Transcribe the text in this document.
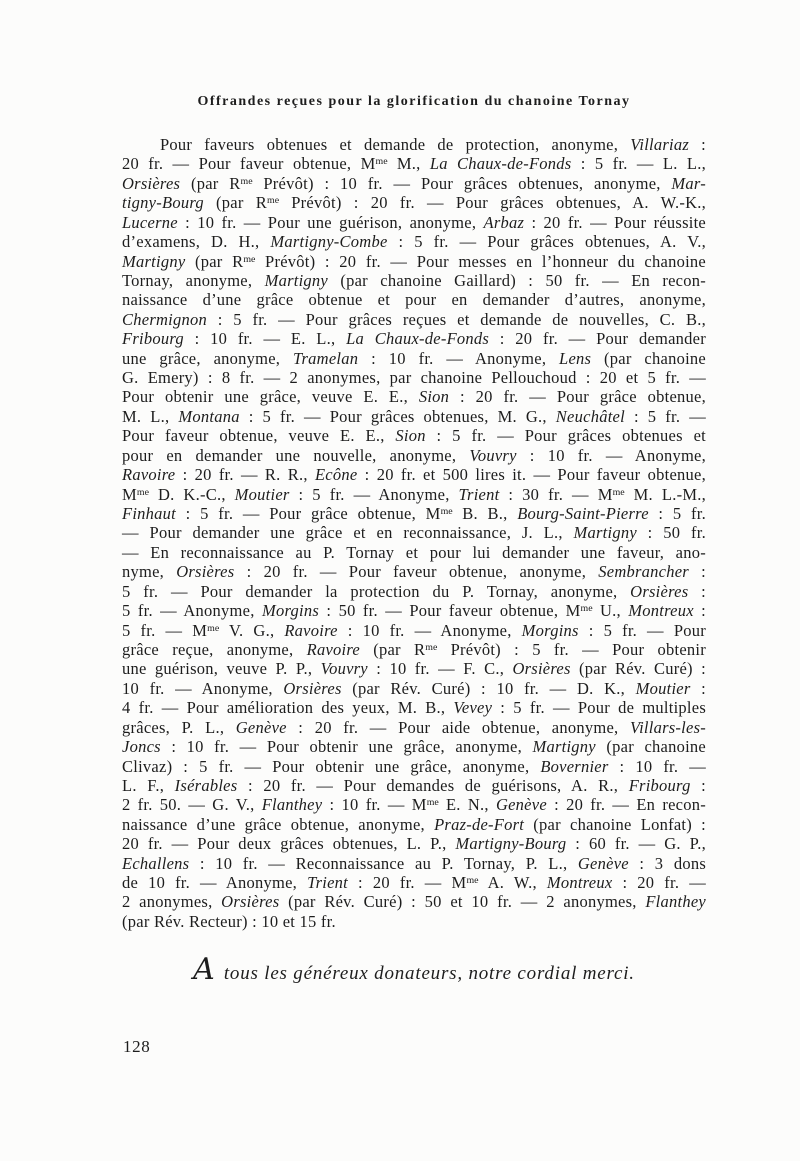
Offrandes reçues pour la glorification du chanoine Tornay
Pour faveurs obtenues et demande de protection, anonyme, Villariaz :
20 fr. — Pour faveur obtenue, $M^{me}$ M., La Chaux-de-Fonds : 5 fr. — L. L.,
Orsières (par $R^{me}$ Prévôt) : 10 fr. — Pour grâces obtenues, anonyme, Mar-
tigny-Bourg (par $R^{me}$ Prévôt) : 20 fr. — Pour grâces obtenues, A. W.-K.,
Lucerne : 10 fr. — Pour une guérison, anonyme, Arbaz : 20 fr. — Pour réussite
d’examens, D. H., Martigny-Combe : 5 fr. — Pour grâces obtenues, A. V.,
Martigny (par $R^{me}$ Prévôt) : 20 fr. — Pour messes en l’honneur du chanoine
Tornay, anonyme, Martigny (par chanoine Gaillard) : 50 fr. — En recon-
naissance d’une grâce obtenue et pour en demander d’autres, anonyme,
Chermignon : 5 fr. — Pour grâces reçues et demande de nouvelles, C. B.,
Fribourg : 10 fr. — E. L., La Chaux-de-Fonds : 20 fr. — Pour demander
une grâce, anonyme, Tramelan : 10 fr. — Anonyme, Lens (par chanoine
G. Emery) : 8 fr. — 2 anonymes, par chanoine Pellouchoud : 20 et 5 fr. —
Pour obtenir une grâce, veuve E. E., Sion : 20 fr. — Pour grâce obtenue,
M. L., Montana : 5 fr. — Pour grâces obtenues, M. G., Neuchâtel : 5 fr. —
Pour faveur obtenue, veuve E. E., Sion : 5 fr. — Pour grâces obtenues et
pour en demander une nouvelle, anonyme, Vouvry : 10 fr. — Anonyme,
Ravoire : 20 fr. — R. R., Ecône : 20 fr. et 500 lires it. — Pour faveur obtenue,
$M^{me}$ D. K.-C., Moutier : 5 fr. — Anonyme, Trient : 30 fr. — $M^{me}$ M. L.-M.,
Finhaut : 5 fr. — Pour grâce obtenue, $M^{me}$ B. B., Bourg-Saint-Pierre : 5 fr.
— Pour demander une grâce et en reconnaissance, J. L., Martigny : 50 fr.
— En reconnaissance au P. Tornay et pour lui demander une faveur, ano-
nyme, Orsières : 20 fr. — Pour faveur obtenue, anonyme, Sembrancher :
5 fr. — Pour demander la protection du P. Tornay, anonyme, Orsières :
5 fr. — Anonyme, Morgins : 50 fr. — Pour faveur obtenue, $M^{me}$ U., Montreux :
5 fr. — $M^{me}$ V. G., Ravoire : 10 fr. — Anonyme, Morgins : 5 fr. — Pour
grâce reçue, anonyme, Ravoire (par $R^{me}$ Prévôt) : 5 fr. — Pour obtenir
une guérison, veuve P. P., Vouvry : 10 fr. — F. C., Orsières (par Rév. Curé) :
10 fr. — Anonyme, Orsières (par Rév. Curé) : 10 fr. — D. K., Moutier :
4 fr. — Pour amélioration des yeux, M. B., Vevey : 5 fr. — Pour de multiples
grâces, P. L., Genève : 20 fr. — Pour aide obtenue, anonyme, Villars-les-
Joncs : 10 fr. — Pour obtenir une grâce, anonyme, Martigny (par chanoine
Clivaz) : 5 fr. — Pour obtenir une grâce, anonyme, Bovernier : 10 fr. —
L. F., Isérables : 20 fr. — Pour demandes de guérisons, A. R., Fribourg :
2 fr. 50. — G. V., Flanthey : 10 fr. — $M^{me}$ E. N., Genève : 20 fr. — En recon-
naissance d’une grâce obtenue, anonyme, Praz-de-Fort (par chanoine Lonfat) :
20 fr. — Pour deux grâces obtenues, L. P., Martigny-Bourg : 60 fr. — G. P.,
Echallens : 10 fr. — Reconnaissance au P. Tornay, P. L., Genève : 3 dons
de 10 fr. — Anonyme, Trient : 20 fr. — $M^{me}$ A. W., Montreux : 20 fr. —
2 anonymes, Orsières (par Rév. Curé) : 50 et 10 fr. — 2 anonymes, Flanthey
(par Rév. Recteur) : 10 et 15 fr.
Atous les généreux donateurs, notre cordial merci.
128
